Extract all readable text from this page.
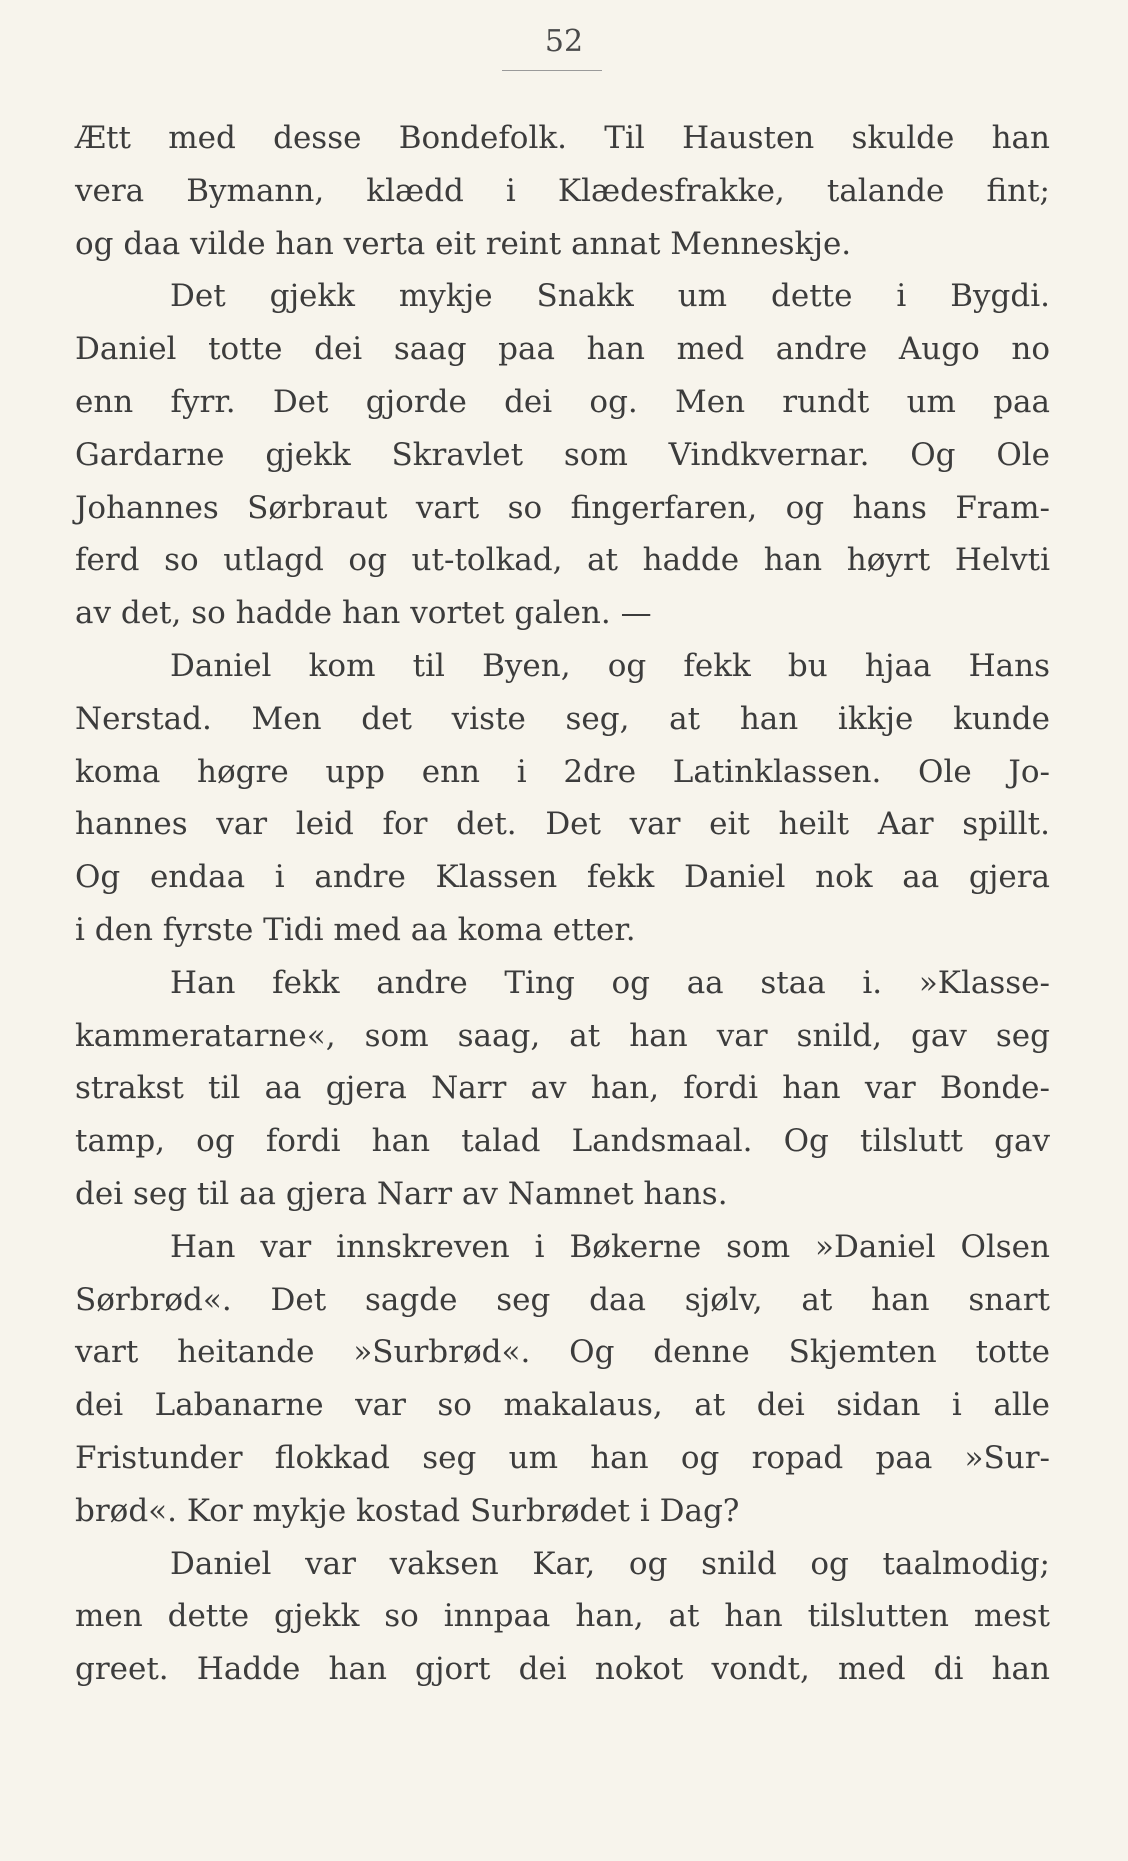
52
Ætt med desse Bondefolk. Til Hausten skulde han
vera Bymann, klædd i Klædesfrakke, talande fint;
og daa vilde han verta eit reint annat Menneskje.
Det gjekk mykje Snakk um dette i Bygdi.
Daniel totte dei saag paa han med andre Augo no
enn fyrr. Det gjorde dei og. Men rundt um paa
Gardarne gjekk Skravlet som Vindkvernar. Og Ole
Johannes Sørbraut vart so fingerfaren, og hans Fram-
ferd so utlagd og ut-tolkad, at hadde han høyrt Helvti
av det, so hadde han vortet galen. —
Daniel kom til Byen, og fekk bu hjaa Hans
Nerstad. Men det viste seg, at han ikkje kunde
koma høgre upp enn i 2dre Latinklassen. Ole Jo-
hannes var leid for det. Det var eit heilt Aar spillt.
Og endaa i andre Klassen fekk Daniel nok aa gjera
i den fyrste Tidi med aa koma etter.
Han fekk andre Ting og aa staa i. »Klasse-
kammeratarne«, som saag, at han var snild, gav seg
strakst til aa gjera Narr av han, fordi han var Bonde-
tamp, og fordi han talad Landsmaal. Og tilslutt gav
dei seg til aa gjera Narr av Namnet hans.
Han var innskreven i Bøkerne som »Daniel Olsen
Sørbrød«. Det sagde seg daa sjølv, at han snart
vart heitande »Surbrød«. Og denne Skjemten totte
dei Labanarne var so makalaus, at dei sidan i alle
Fristunder flokkad seg um han og ropad paa »Sur-
brød«. Kor mykje kostad Surbrødet i Dag?
Daniel var vaksen Kar, og snild og taalmodig;
men dette gjekk so innpaa han, at han tilslutten mest
greet. Hadde han gjort dei nokot vondt, med di han
